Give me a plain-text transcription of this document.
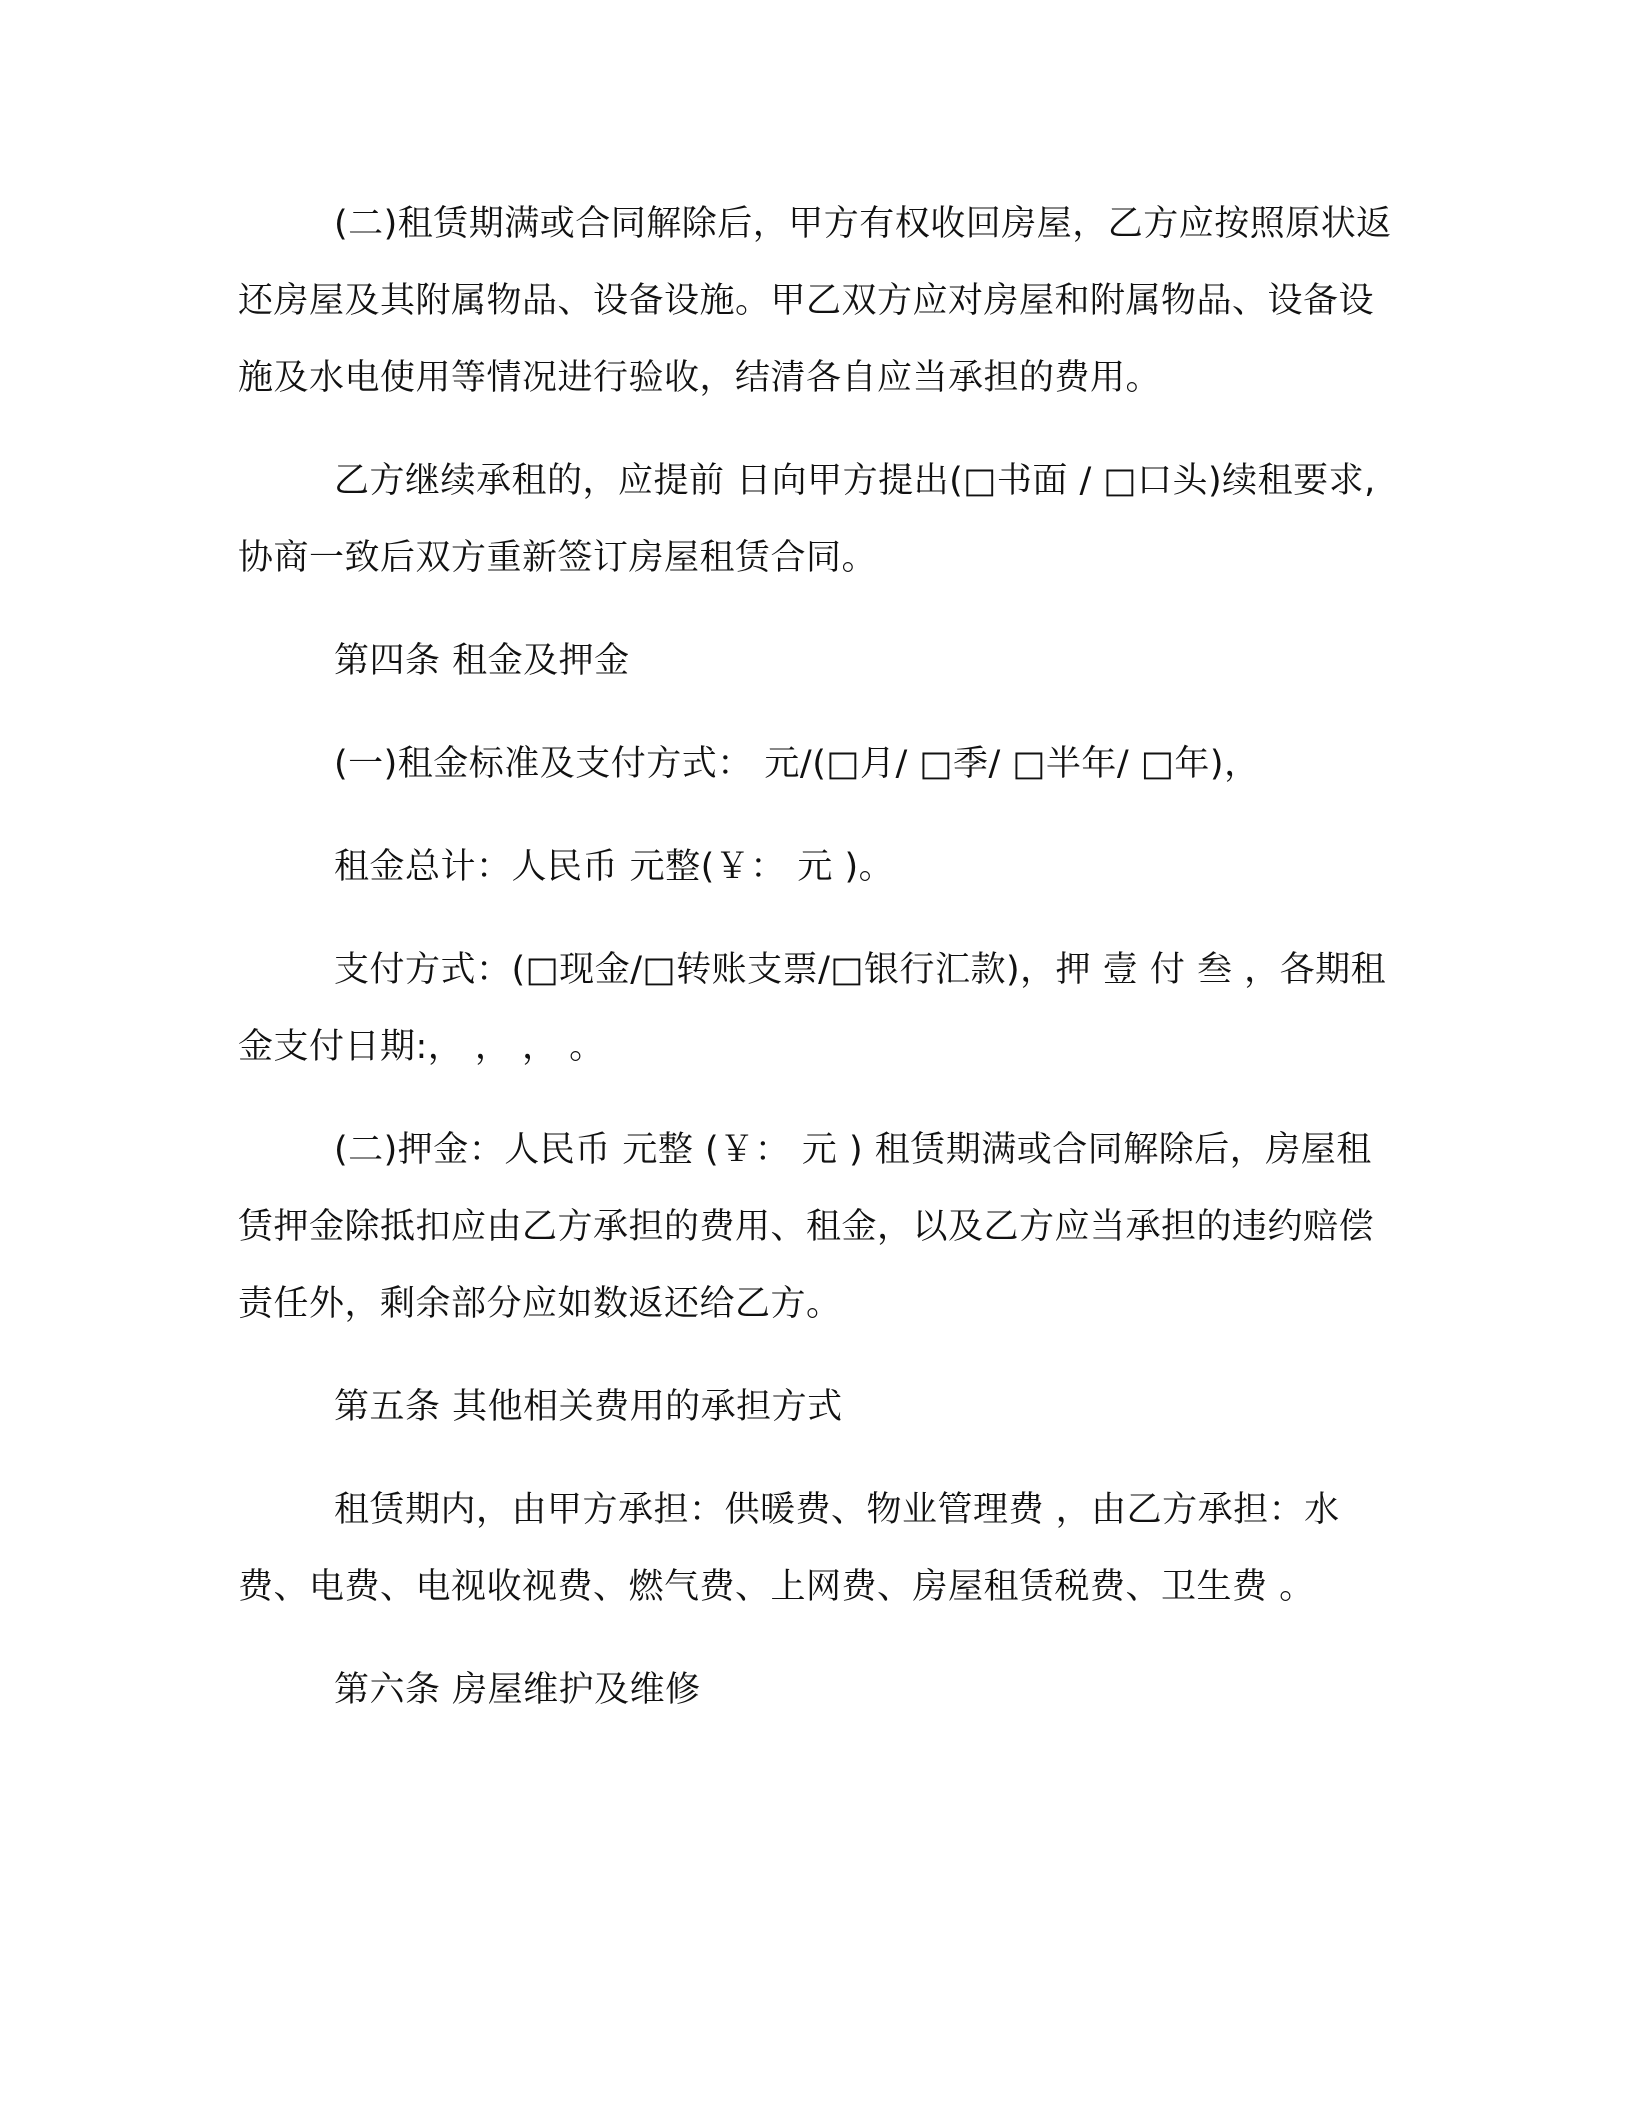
(二)租赁期满或合同解除后，甲方有权收回房屋，乙方应按照原状返还房屋及其附属物品、设备设施。甲乙双方应对房屋和附属物品、设备设施及水电使用等情况进行验收，结清各自应当承担的费用。

乙方继续承租的，应提前 日向甲方提出(□书面 / □口头)续租要求,协商一致后双方重新签订房屋租赁合同。

第四条 租金及押金

(一)租金标准及支付方式： 元/(□月/ □季/ □半年/ □年)，

租金总计：人民币 元整(￥： 元 )。

支付方式：(□现金/□转账支票/□银行汇款)，押 壹 付 叁 ，各期租金支付日期:， ， ， 。

(二)押金：人民币 元整 (￥： 元 ) 租赁期满或合同解除后，房屋租赁押金除抵扣应由乙方承担的费用、租金，以及乙方应当承担的违约赔偿责任外，剩余部分应如数返还给乙方。

第五条 其他相关费用的承担方式

租赁期内，由甲方承担：供暖费、物业管理费 ，由乙方承担：水费、电费、电视收视费、燃气费、上网费、房屋租赁税费、卫生费 。

第六条 房屋维护及维修
